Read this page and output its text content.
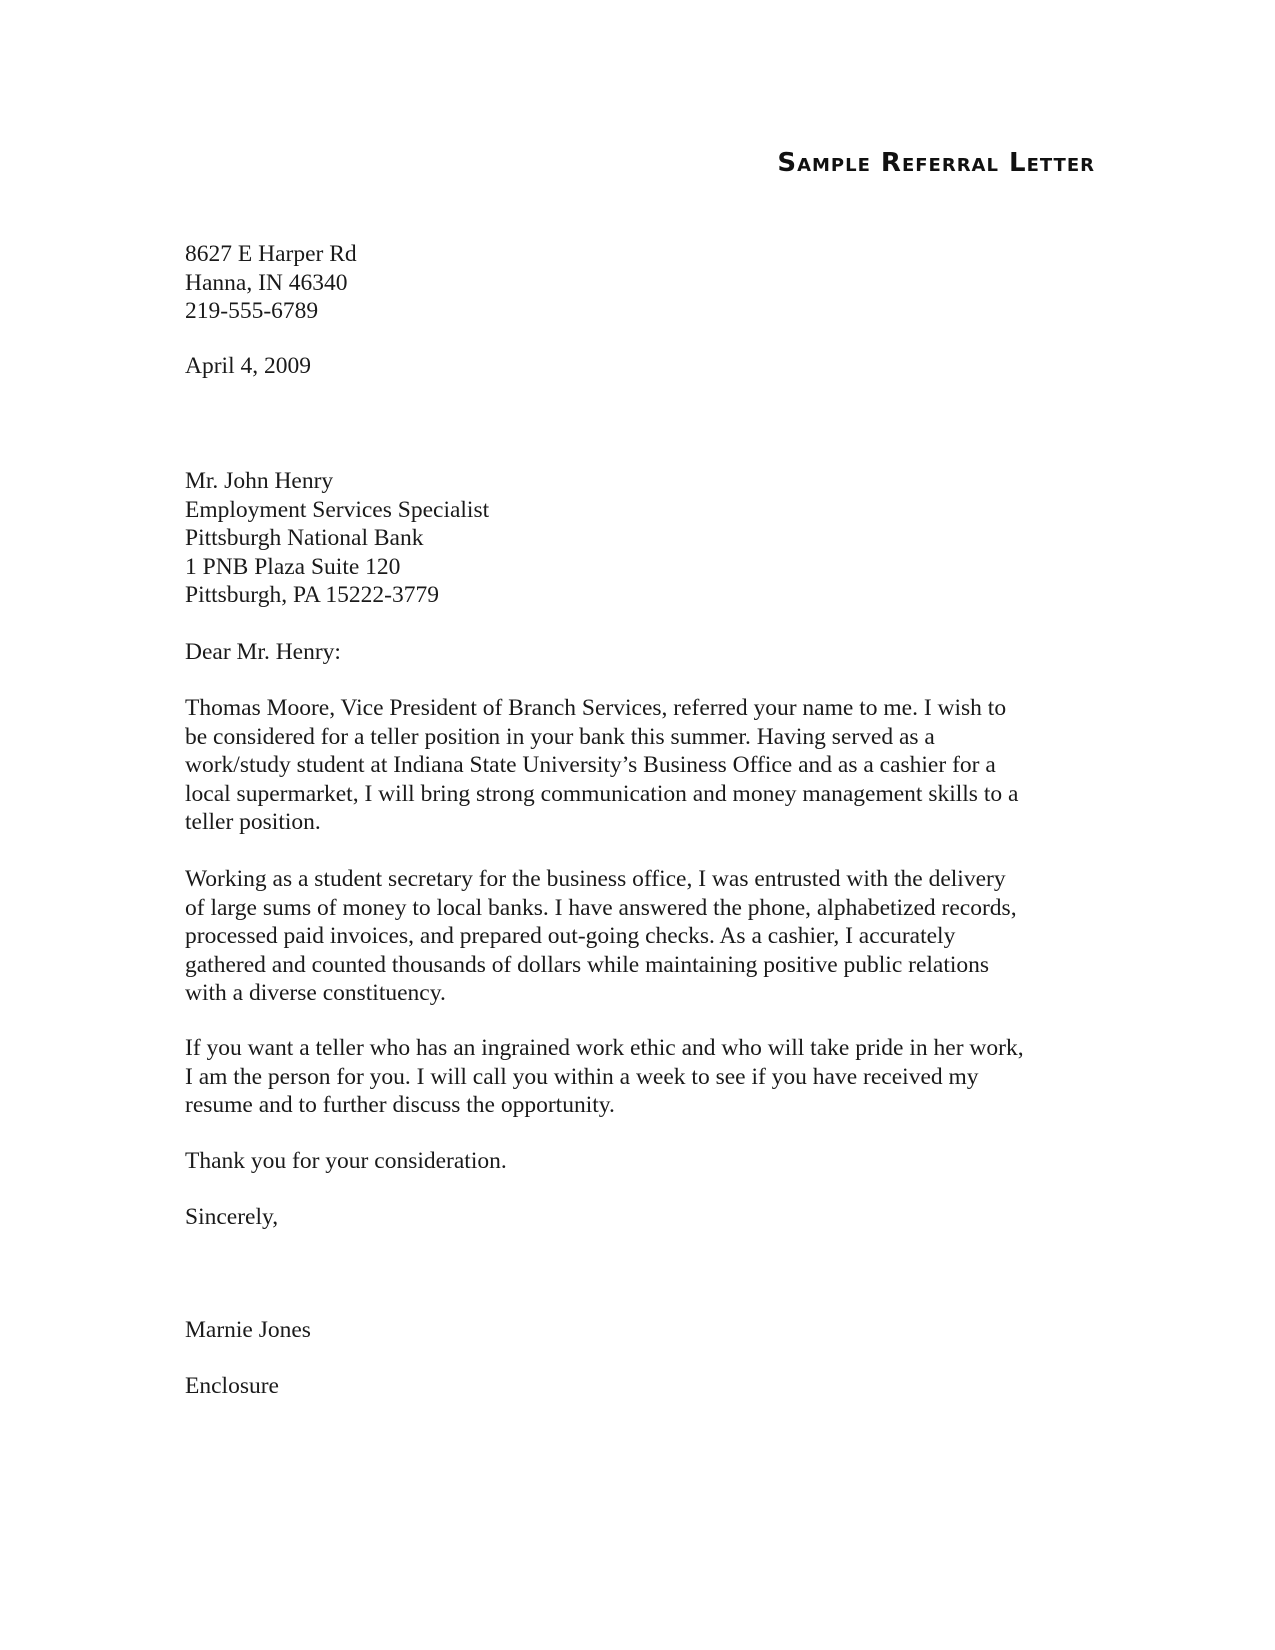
Sample Referral Letter
8627 E Harper Rd
Hanna, IN 46340
219-555-6789
April 4, 2009
Mr. John Henry
Employment Services Specialist
Pittsburgh National Bank
1 PNB Plaza Suite 120
Pittsburgh, PA 15222-3779
Dear Mr. Henry:
Thomas Moore, Vice President of Branch Services, referred your name to me. I wish to
be considered for a teller position in your bank this summer. Having served as a
work/study student at Indiana State University’s Business Office and as a cashier for a
local supermarket, I will bring strong communication and money management skills to a
teller position.
Working as a student secretary for the business office, I was entrusted with the delivery
of large sums of money to local banks. I have answered the phone, alphabetized records,
processed paid invoices, and prepared out-going checks. As a cashier, I accurately
gathered and counted thousands of dollars while maintaining positive public relations
with a diverse constituency.
If you want a teller who has an ingrained work ethic and who will take pride in her work,
I am the person for you. I will call you within a week to see if you have received my
resume and to further discuss the opportunity.
Thank you for your consideration.
Sincerely,
Marnie Jones
Enclosure
